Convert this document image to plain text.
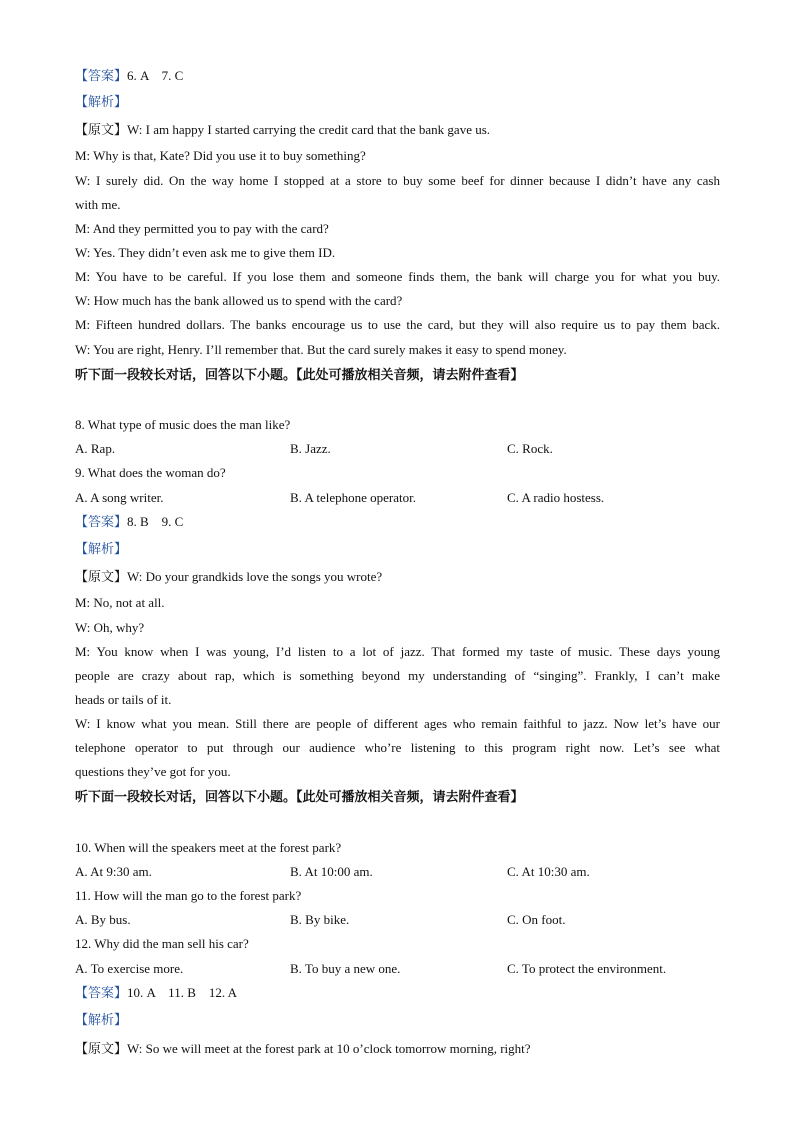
【答案】6. A    7. C
【解析】
【原文】W: I am happy I started carrying the credit card that the bank gave us.
M: Why is that, Kate? Did you use it to buy something?
W: I surely did. On the way home I stopped at a store to buy some beef for dinner because I didn’t have any cash
with me.
M: And they permitted you to pay with the card?
W: Yes. They didn’t even ask me to give them ID.
M: You have to be careful. If you lose them and someone finds them, the bank will charge you for what you buy.
W: How much has the bank allowed us to spend with the card?
M: Fifteen hundred dollars. The banks encourage us to use the card, but they will also require us to pay them back.
W: You are right, Henry. I’ll remember that. But the card surely makes it easy to spend money.
听下面一段较长对话，回答以下小题。【此处可播放相关音频，请去附件查看】
8. What type of music does the man like?
A. Rap.	B. Jazz.	C. Rock.
9. What does the woman do?
A. A song writer.	B. A telephone operator.	C. A radio hostess.
【答案】8. B    9. C
【解析】
【原文】W: Do your grandkids love the songs you wrote?
M: No, not at all.
W: Oh, why?
M: You know when I was young, I’d listen to a lot of jazz. That formed my taste of music. These days young
people are crazy about rap, which is something beyond my understanding of “singing”. Frankly, I can’t make
heads or tails of it.
W: I know what you mean. Still there are people of different ages who remain faithful to jazz. Now let’s have our
telephone operator to put through our audience who’re listening to this program right now. Let’s see what
questions they’ve got for you.
听下面一段较长对话，回答以下小题。【此处可播放相关音频，请去附件查看】
10. When will the speakers meet at the forest park?
A. At 9:30 am.	B. At 10:00 am.	C. At 10:30 am.
11. How will the man go to the forest park?
A. By bus.	B. By bike.	C. On foot.
12. Why did the man sell his car?
A. To exercise more.	B. To buy a new one.	C. To protect the environment.
【答案】10. A    11. B    12. A
【解析】
【原文】W: So we will meet at the forest park at 10 o’clock tomorrow morning, right?
